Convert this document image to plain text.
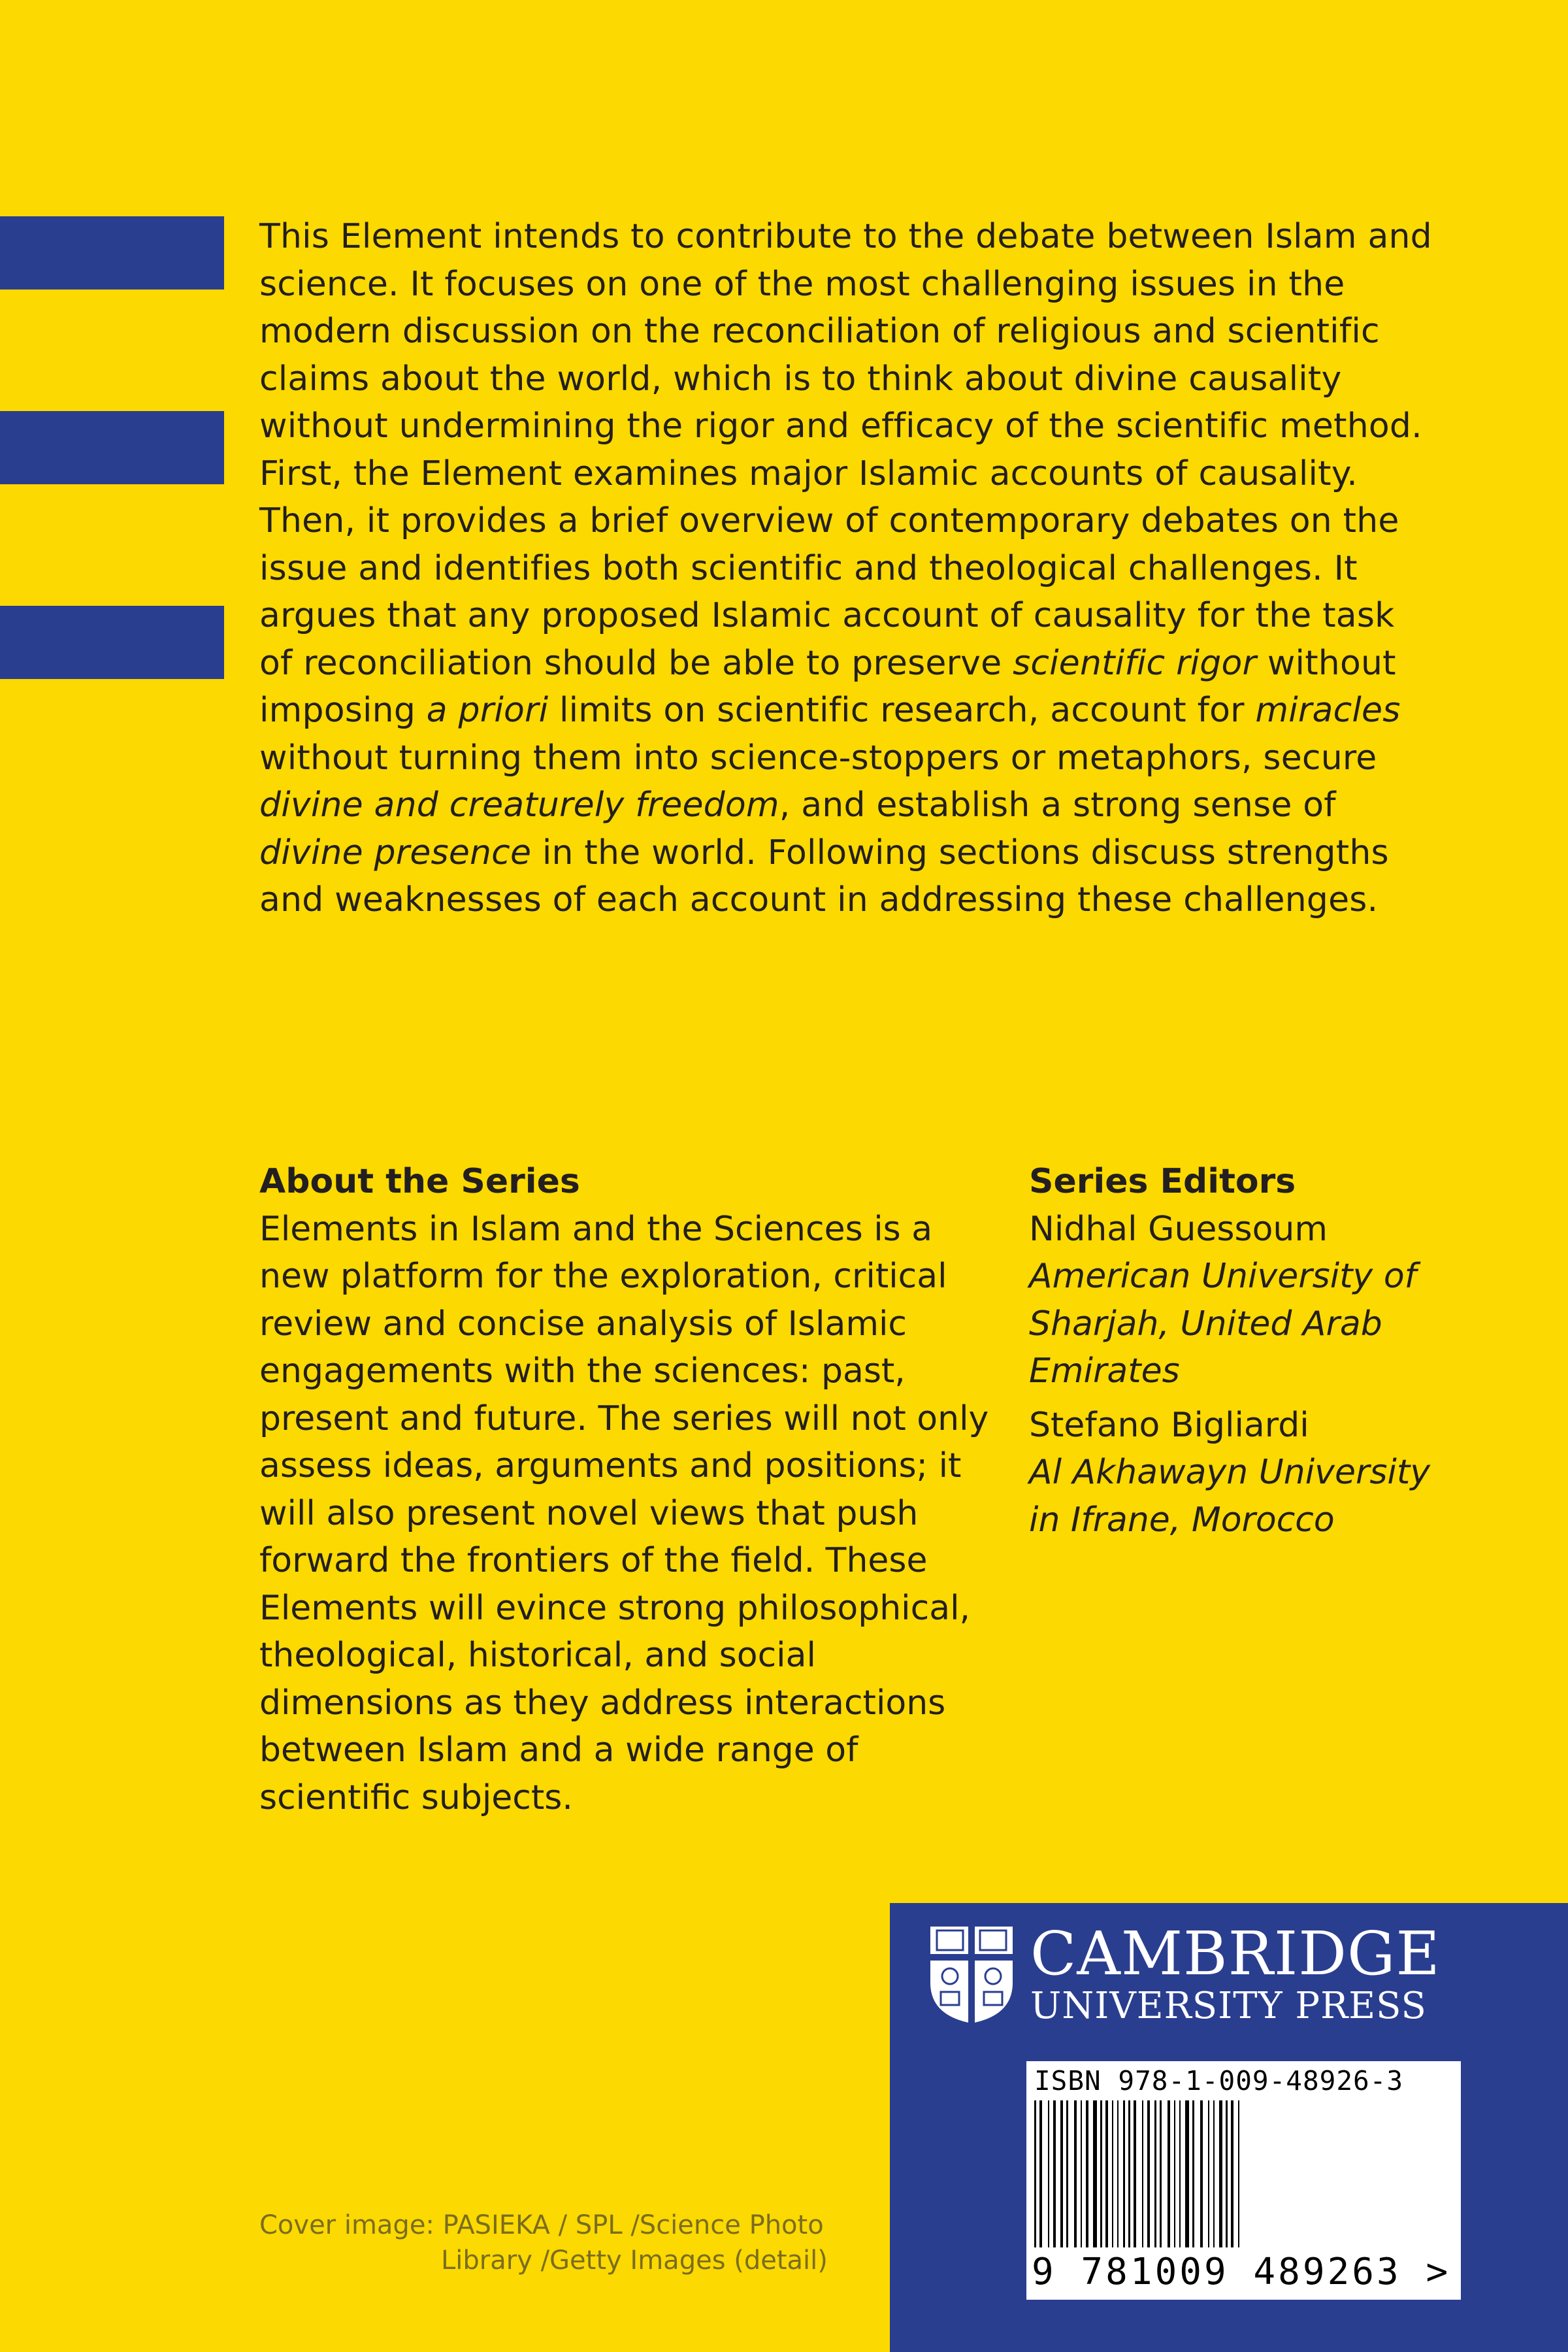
This Element intends to contribute to the debate between Islam and science. It focuses on one of the most challenging issues in the modern discussion on the reconciliation of religious and scientific claims about the world, which is to think about divine causality without undermining the rigor and efficacy of the scientific method. First, the Element examines major Islamic accounts of causality. Then, it provides a brief overview of contemporary debates on the issue and identifies both scientific and theological challenges. It argues that any proposed Islamic account of causality for the task of reconciliation should be able to preserve scientific rigor without imposing a priori limits on scientific research, account for miracles without turning them into science-stoppers or metaphors, secure divine and creaturely freedom, and establish a strong sense of divine presence in the world. Following sections discuss strengths and weaknesses of each account in addressing these challenges.

About the Series

Elements in Islam and the Sciences is a new platform for the exploration, critical review and concise analysis of Islamic engagements with the sciences: past, present and future. The series will not only assess ideas, arguments and positions; it will also present novel views that push forward the frontiers of the field. These Elements will evince strong philosophical, theological, historical, and social dimensions as they address interactions between Islam and a wide range of scientific subjects.

Series Editors

Nidhal Guessoum
American University of Sharjah, United Arab Emirates
Stefano Bigliardi
Al Akhawayn University in Ifrane, Morocco
Cover image: PASIEKA / SPL /Science Photo
Library /Getty Images (detail)
CAMBRIDGE
UNIVERSITY PRESS
ISBN 978-1-009-48926-3
9 781009 489263 >
